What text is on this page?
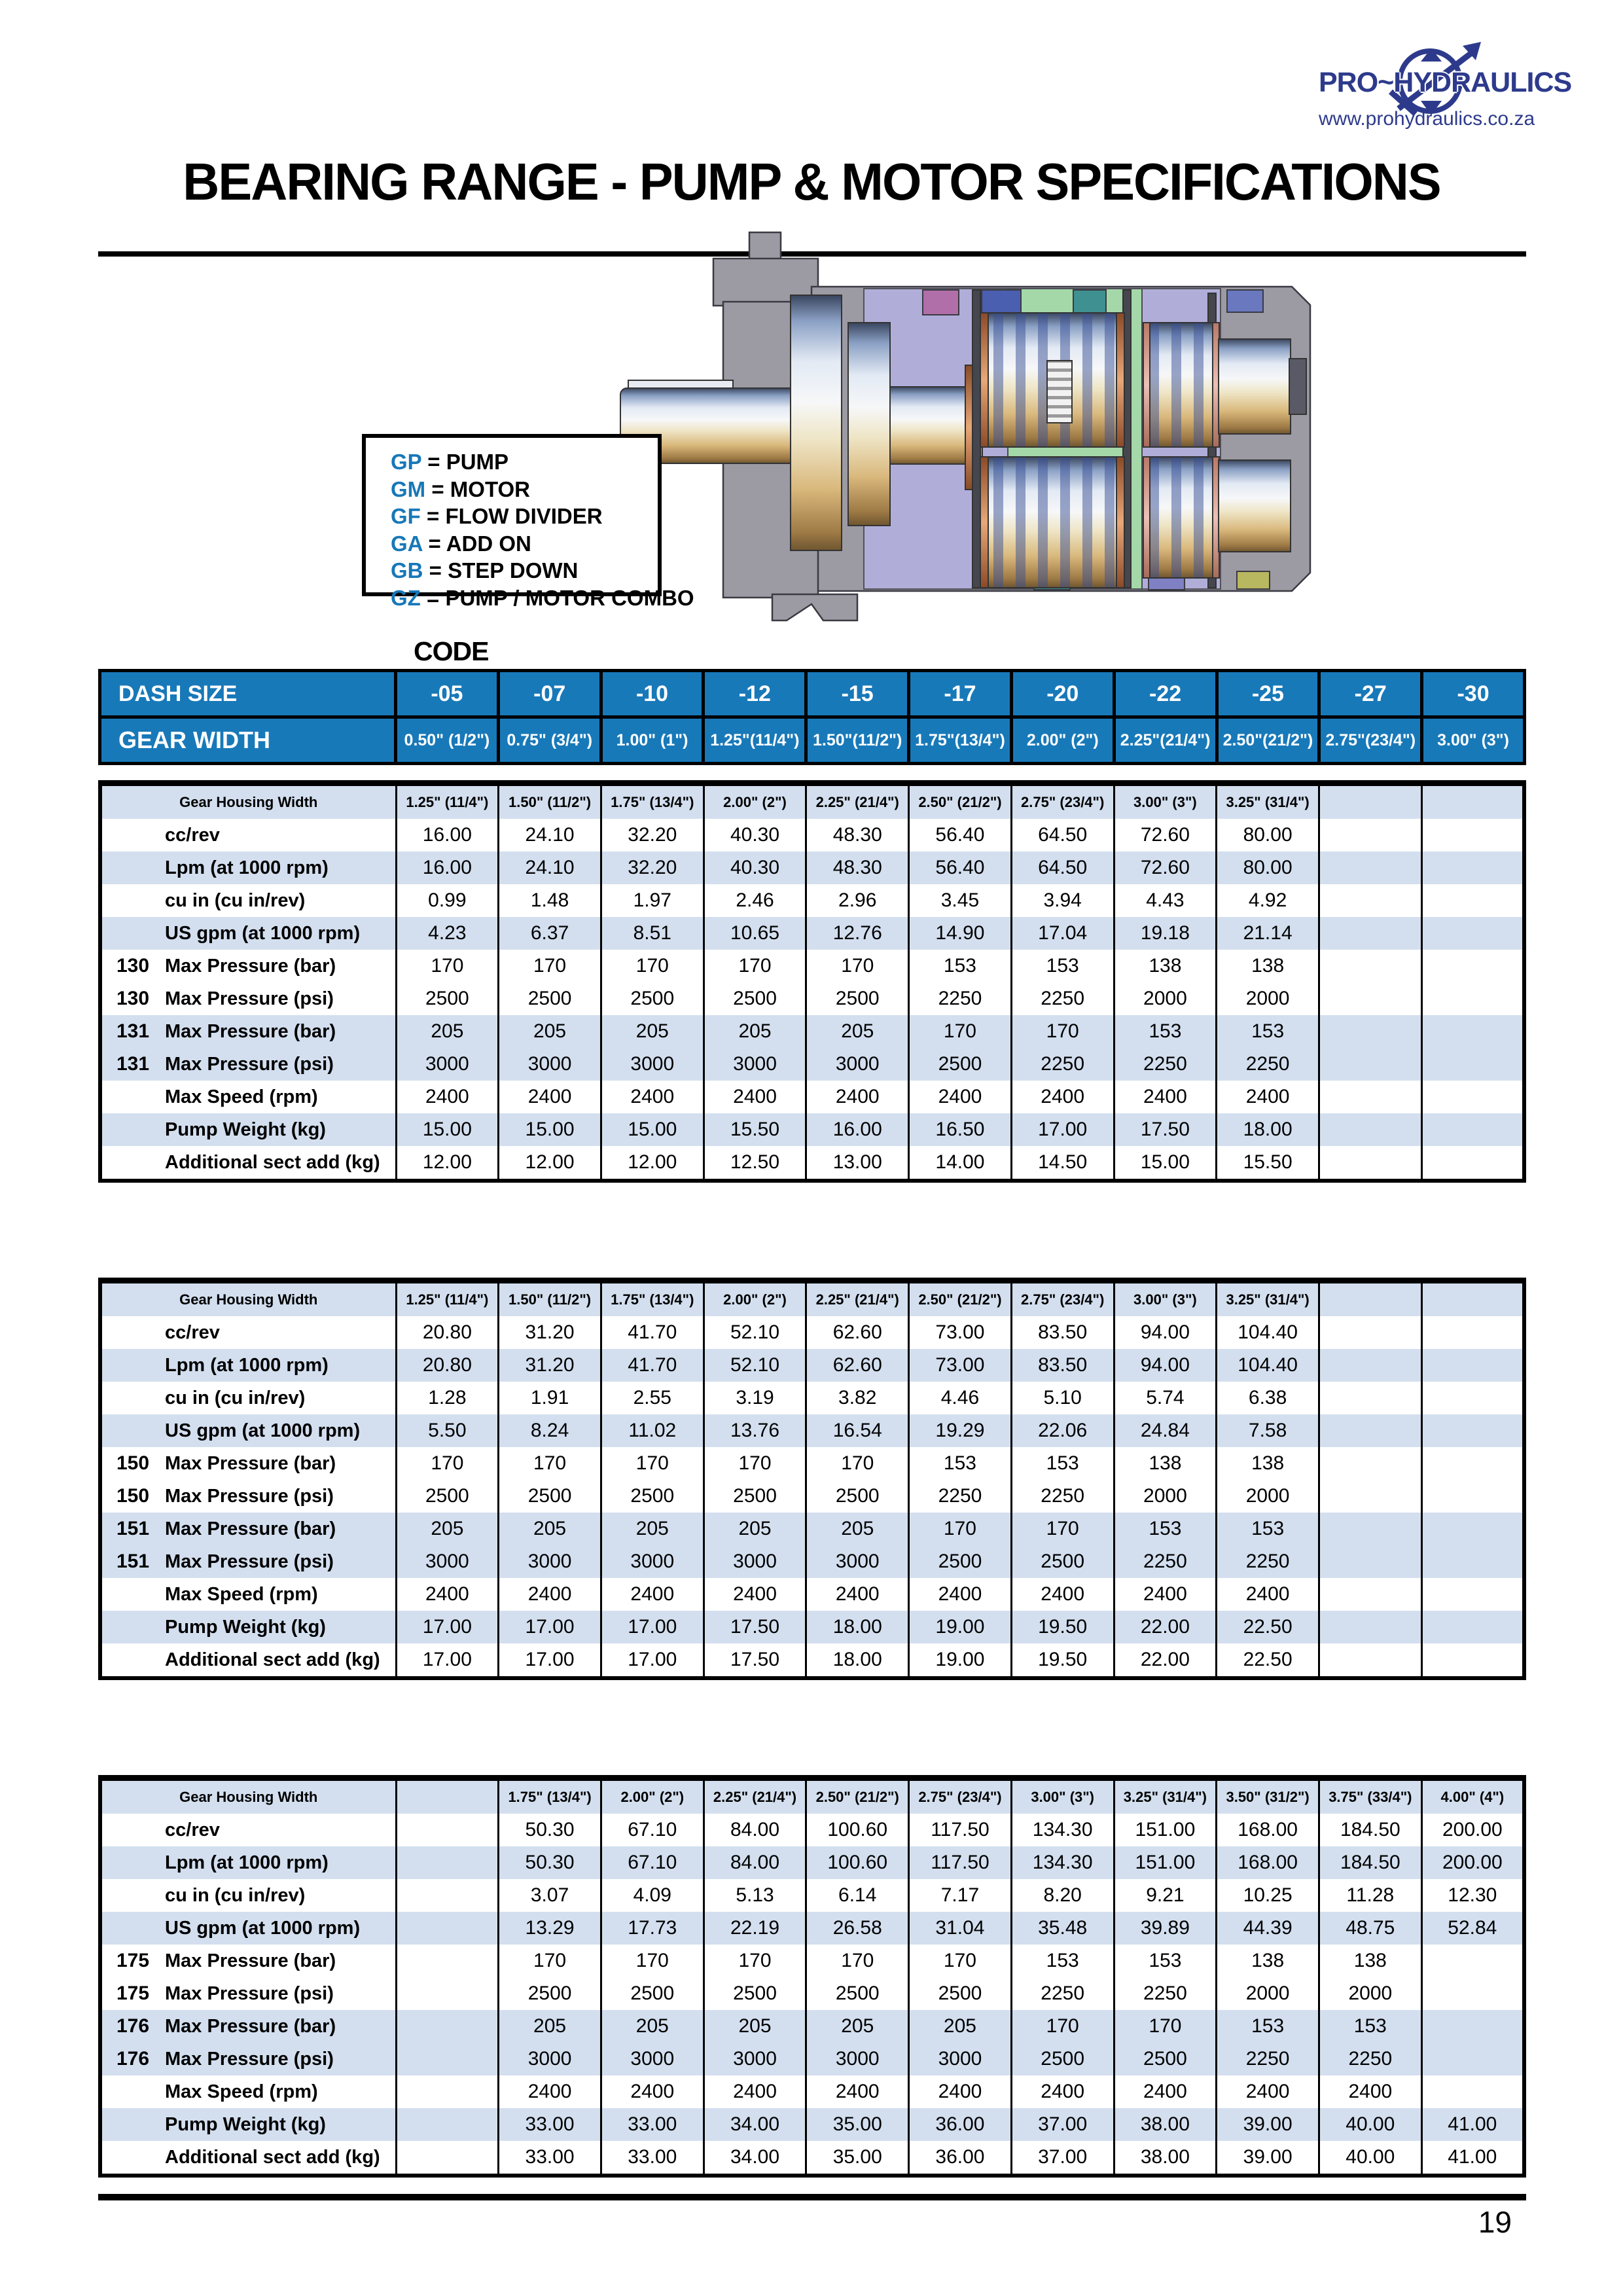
PRO~HYDRAULICS
www.prohydraulics.co.za
BEARING RANGE - PUMP & MOTOR SPECIFICATIONS
GP = PUMP
GM = MOTOR
GF = FLOW DIVIDER
GA = ADD ON
GB = STEP DOWN
GZ = PUMP / MOTOR COMBO
CODE
DASH SIZE	-05	-07	-10	-12	-15	-17	-20	-22	-25	-27	-30
GEAR WIDTH	0.50" (1/2")	0.75" (3/4")	1.00" (1")	1.25"(11/4")	1.50"(11/2")	1.75"(13/4")	2.00" (2")	2.25"(21/4")	2.50"(21/2")	2.75"(23/4")	3.00" (3")
Gear Housing Width	1.25" (11/4")	1.50" (11/2")	1.75" (13/4")	2.00" (2")	2.25" (21/4")	2.50" (21/2")	2.75" (23/4")	3.00" (3")	3.25" (31/4")		
cc/rev	16.00	24.10	32.20	40.30	48.30	56.40	64.50	72.60	80.00		
Lpm (at 1000 rpm)	16.00	24.10	32.20	40.30	48.30	56.40	64.50	72.60	80.00		
cu in (cu in/rev)	0.99	1.48	1.97	2.46	2.96	3.45	3.94	4.43	4.92		
US gpm (at 1000 rpm)	4.23	6.37	8.51	10.65	12.76	14.90	17.04	19.18	21.14		
130 Max Pressure (bar)	170	170	170	170	170	153	153	138	138		
130 Max Pressure (psi)	2500	2500	2500	2500	2500	2250	2250	2000	2000		
131 Max Pressure (bar)	205	205	205	205	205	170	170	153	153		
131 Max Pressure (psi)	3000	3000	3000	3000	3000	2500	2250	2250	2250		
Max Speed (rpm)	2400	2400	2400	2400	2400	2400	2400	2400	2400		
Pump Weight (kg)	15.00	15.00	15.00	15.50	16.00	16.50	17.00	17.50	18.00		
Additional sect add (kg)	12.00	12.00	12.00	12.50	13.00	14.00	14.50	15.00	15.50		
Gear Housing Width	1.25" (11/4")	1.50" (11/2")	1.75" (13/4")	2.00" (2")	2.25" (21/4")	2.50" (21/2")	2.75" (23/4")	3.00" (3")	3.25" (31/4")		
cc/rev	20.80	31.20	41.70	52.10	62.60	73.00	83.50	94.00	104.40		
Lpm (at 1000 rpm)	20.80	31.20	41.70	52.10	62.60	73.00	83.50	94.00	104.40		
cu in (cu in/rev)	1.28	1.91	2.55	3.19	3.82	4.46	5.10	5.74	6.38		
US gpm (at 1000 rpm)	5.50	8.24	11.02	13.76	16.54	19.29	22.06	24.84	7.58		
150 Max Pressure (bar)	170	170	170	170	170	153	153	138	138		
150 Max Pressure (psi)	2500	2500	2500	2500	2500	2250	2250	2000	2000		
151 Max Pressure (bar)	205	205	205	205	205	170	170	153	153		
151 Max Pressure (psi)	3000	3000	3000	3000	3000	2500	2500	2250	2250		
Max Speed (rpm)	2400	2400	2400	2400	2400	2400	2400	2400	2400		
Pump Weight (kg)	17.00	17.00	17.00	17.50	18.00	19.00	19.50	22.00	22.50		
Additional sect add (kg)	17.00	17.00	17.00	17.50	18.00	19.00	19.50	22.00	22.50		
Gear Housing Width		1.75" (13/4")	2.00" (2")	2.25" (21/4")	2.50" (21/2")	2.75" (23/4")	3.00" (3")	3.25" (31/4")	3.50" (31/2")	3.75" (33/4")	4.00" (4")
cc/rev		50.30	67.10	84.00	100.60	117.50	134.30	151.00	168.00	184.50	200.00
Lpm (at 1000 rpm)		50.30	67.10	84.00	100.60	117.50	134.30	151.00	168.00	184.50	200.00
cu in (cu in/rev)		3.07	4.09	5.13	6.14	7.17	8.20	9.21	10.25	11.28	12.30
US gpm (at 1000 rpm)		13.29	17.73	22.19	26.58	31.04	35.48	39.89	44.39	48.75	52.84
175 Max Pressure (bar)		170	170	170	170	170	153	153	138	138	
175 Max Pressure (psi)		2500	2500	2500	2500	2500	2250	2250	2000	2000	
176 Max Pressure (bar)		205	205	205	205	205	170	170	153	153	
176 Max Pressure (psi)		3000	3000	3000	3000	3000	2500	2500	2250	2250	
Max Speed (rpm)		2400	2400	2400	2400	2400	2400	2400	2400	2400	
Pump Weight (kg)		33.00	33.00	34.00	35.00	36.00	37.00	38.00	39.00	40.00	41.00
Additional sect add (kg)		33.00	33.00	34.00	35.00	36.00	37.00	38.00	39.00	40.00	41.00
19
